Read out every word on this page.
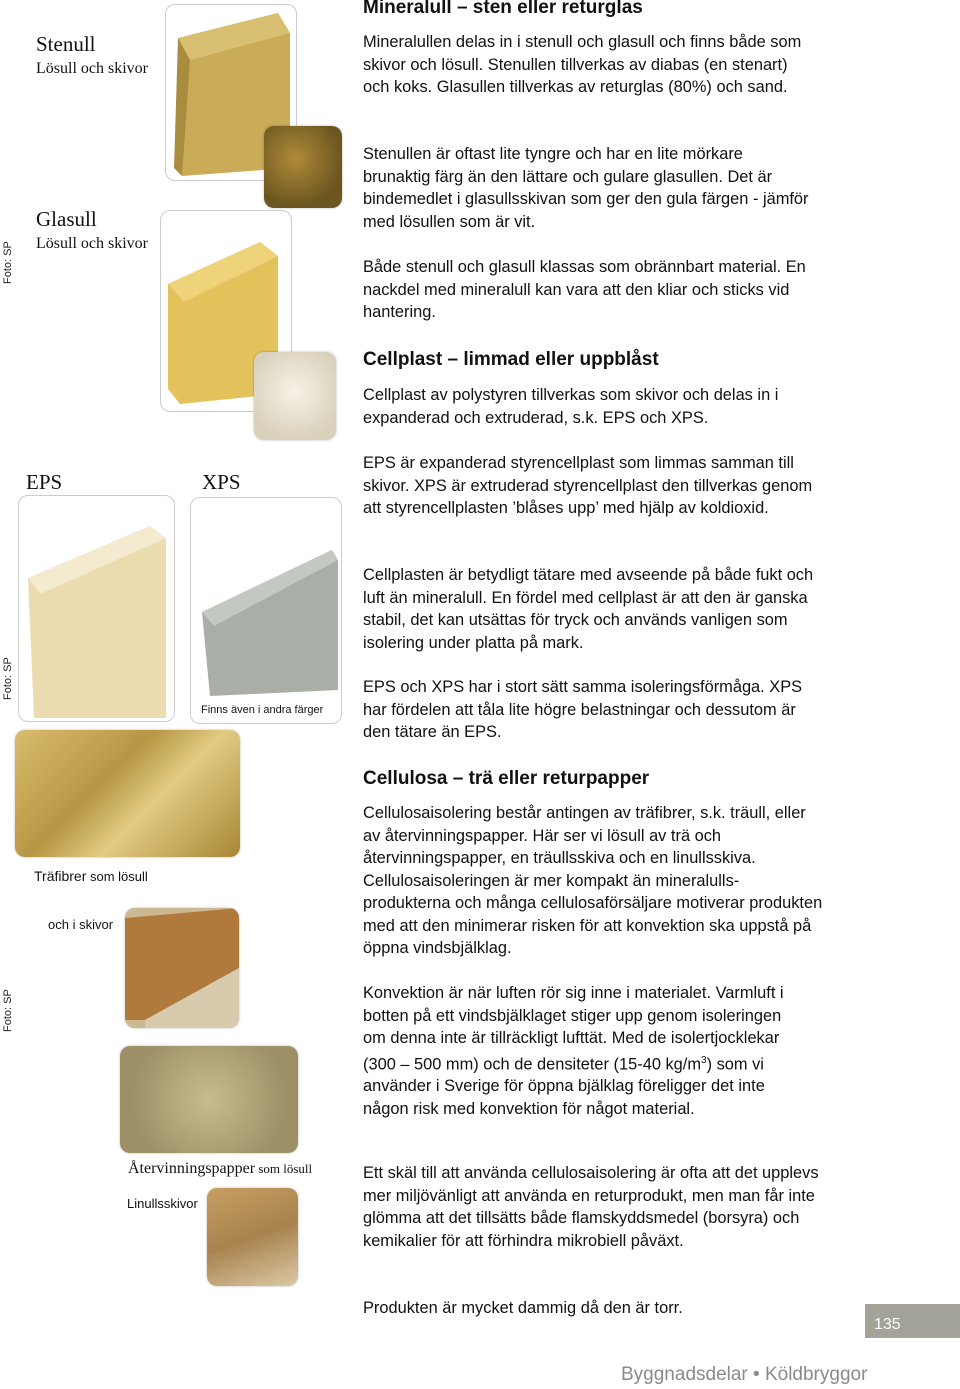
Foto: SP
Foto: SP
Foto: SP
Stenull
Lösull och skivor
Glasull
Lösull och skivor
EPS	XPS
Finns även i andra färger
Träfibrer som lösull
och i skivor
Återvinningspapper som lösull
Linullsskivor
Mineralull – sten eller returglas

Mineralullen delas in i stenull och glasull och finns både som skivor och lösull. Stenullen tillverkas av diabas (en stenart) och koks. Glasullen tillverkas av returglas (80%) och sand.

Stenullen är oftast lite tyngre och har en lite mörkare brunaktig färg än den lättare och gulare glasullen. Det är bindemedlet i glasullsskivan som ger den gula färgen - jämför med lösullen som är vit.

Både stenull och glasull klassas som obrännbart material. En nackdel med mineralull kan vara att den kliar och sticks vid hantering.

Cellplast – limmad eller uppblåst

Cellplast av polystyren tillverkas som skivor och delas in i expanderad och extruderad, s.k. EPS och XPS.

EPS är expanderad styrencellplast som limmas samman till skivor. XPS är extruderad styrencellplast den tillverkas genom att styrencellplasten ’blåses upp’ med hjälp av koldioxid.

Cellplasten är betydligt tätare med avseende på både fukt och luft än mineralull. En fördel med cellplast är att den är ganska stabil, det kan utsättas för tryck och används vanligen som isolering under platta på mark.

EPS och XPS har i stort sätt samma isoleringsförmåga. XPS har fördelen att tåla lite högre belastningar och dessutom är den tätare än EPS.

Cellulosa – trä eller returpapper

Cellulosaisolering består antingen av träfibrer, s.k. träull, eller av återvinningspapper. Här ser vi lösull av trä och återvinningspapper, en träullsskiva och en linullsskiva. Cellulosaisoleringen är mer kompakt än mineralulls-produkterna och många cellulosaförsäljare motiverar produkten med att den minimerar risken för att konvektion ska uppstå på öppna vindsbjälklag.

Konvektion är när luften rör sig inne i materialet. Varmluft i botten på ett vindsbjälklaget stiger upp genom isoleringen om denna inte är tillräckligt lufttät. Med de isolertjocklekar (300 – 500 mm) och de densiteter (15-40 $kg/m^3$) som vi använder i Sverige för öppna bjälklag föreligger det inte någon risk med konvektion för något material.

Ett skäl till att använda cellulosaisolering är ofta att det upplevs mer miljövänligt att använda en returprodukt, men man får inte glömma att det tillsätts både flamskyddsmedel (borsyra) och kemikalier för att förhindra mikrobiell påväxt.

Produkten är mycket dammig då den är torr.

135
Byggnadsdelar • Köldbryggor
